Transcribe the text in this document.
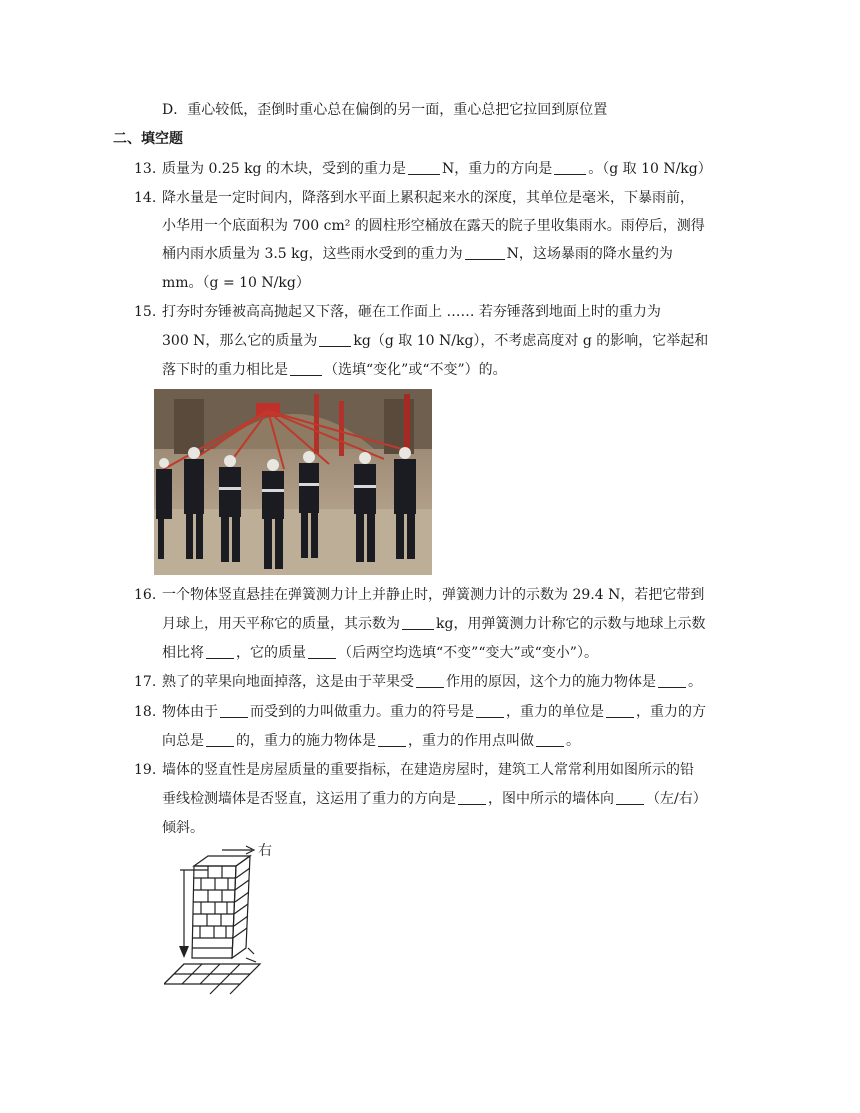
D．重心较低，歪倒时重心总在偏倒的另一面，重心总把它拉回到原位置
二、填空题
13. 质量为 0.25 kg 的木块，受到的重力是	N，重力的方向是	。（g 取 10 N/kg）
14. 降水量是一定时间内，降落到水平面上累积起来水的深度，其单位是毫米，下暴雨前，
小华用一个底面积为 700 cm² 的圆柱形空桶放在露天的院子里收集雨水。雨停后，测得
桶内雨水质量为 3.5 kg，这些雨水受到的重力为	N，这场暴雨的降水量约为
mm。（g = 10 N/kg）
15. 打夯时夯锤被高高抛起又下落，砸在工作面上 …… 若夯锤落到地面上时的重力为
300 N，那么它的质量为	kg（g 取 10 N/kg），不考虑高度对 g 的影响，它举起和
落下时的重力相比是	（选填“变化”或“不变”）的。
16. 一个物体竖直悬挂在弹簧测力计上并静止时，弹簧测力计的示数为 29.4 N，若把它带到
月球上，用天平称它的质量，其示数为	kg，用弹簧测力计称它的示数与地球上示数
相比将 ，它的质量 （后两空均选填“不变”“变大”或“变小”）。
17. 熟了的苹果向地面掉落，这是由于苹果受 作用的原因，这个力的施力物体是 。
18. 物体由于 而受到的力叫做重力。重力的符号是 ，重力的单位是 ，重力的方
向总是 的，重力的施力物体是 ，重力的作用点叫做 。
19. 墙体的竖直性是房屋质量的重要指标，在建造房屋时，建筑工人常常利用如图所示的铅
垂线检测墙体是否竖直，这运用了重力的方向是 ，图中所示的墙体向 （左/右）
倾斜。
右
